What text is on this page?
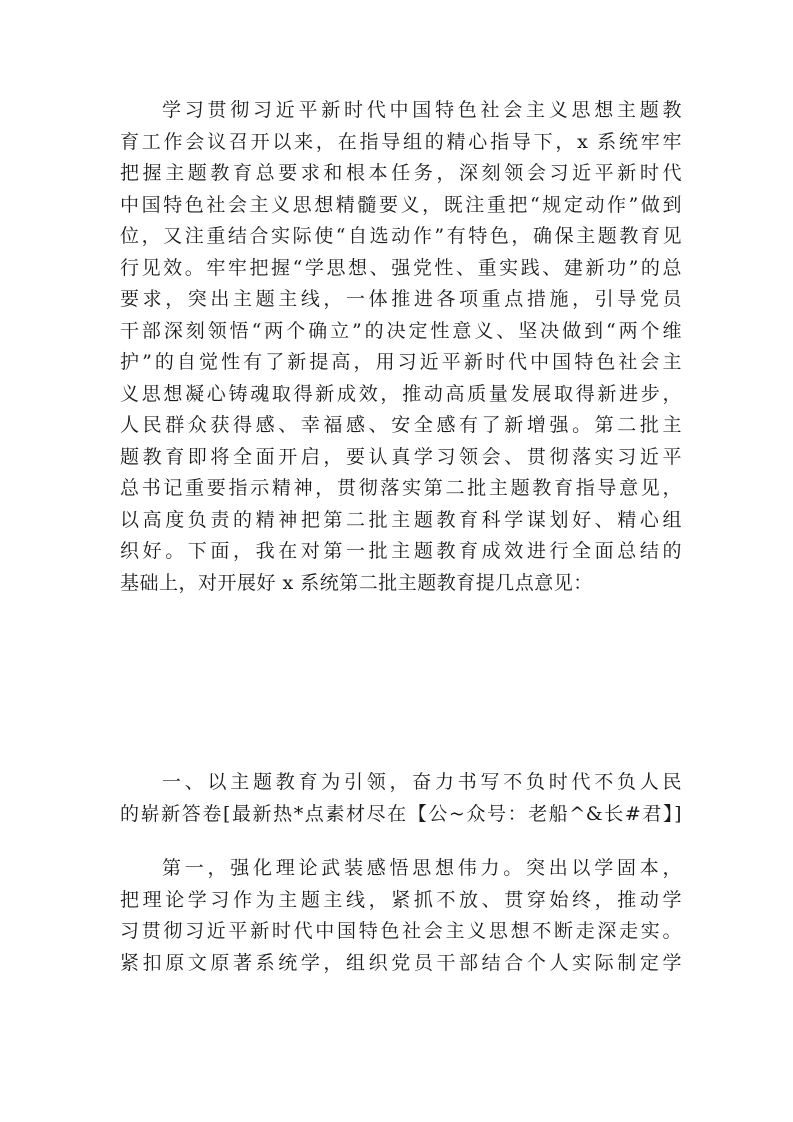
学习贯彻习近平新时代中国特色社会主义思想主题教
育工作会议召开以来，在指导组的精心指导下，x 系统牢牢
把握主题教育总要求和根本任务，深刻领会习近平新时代
中国特色社会主义思想精髓要义，既注重把“规定动作”做到
位，又注重结合实际使“自选动作”有特色，确保主题教育见
行见效。牢牢把握“学思想、强党性、重实践、建新功”的总
要求，突出主题主线，一体推进各项重点措施，引导党员
干部深刻领悟“两个确立”的决定性意义、坚决做到“两个维
护”的自觉性有了新提高，用习近平新时代中国特色社会主
义思想凝心铸魂取得新成效，推动高质量发展取得新进步，
人民群众获得感、幸福感、安全感有了新增强。第二批主
题教育即将全面开启，要认真学习领会、贯彻落实习近平
总书记重要指示精神，贯彻落实第二批主题教育指导意见，
以高度负责的精神把第二批主题教育科学谋划好、精心组
织好。下面，我在对第一批主题教育成效进行全面总结的
基础上，对开展好 x 系统第二批主题教育提几点意见：
一、以主题教育为引领，奋力书写不负时代不负人民
的崭新答卷[最新热*点素材尽在【公~众号：老船^&长#君】]
第一，强化理论武装感悟思想伟力。突出以学固本，
把理论学习作为主题主线，紧抓不放、贯穿始终，推动学
习贯彻习近平新时代中国特色社会主义思想不断走深走实。
紧扣原文原著系统学，组织党员干部结合个人实际制定学
